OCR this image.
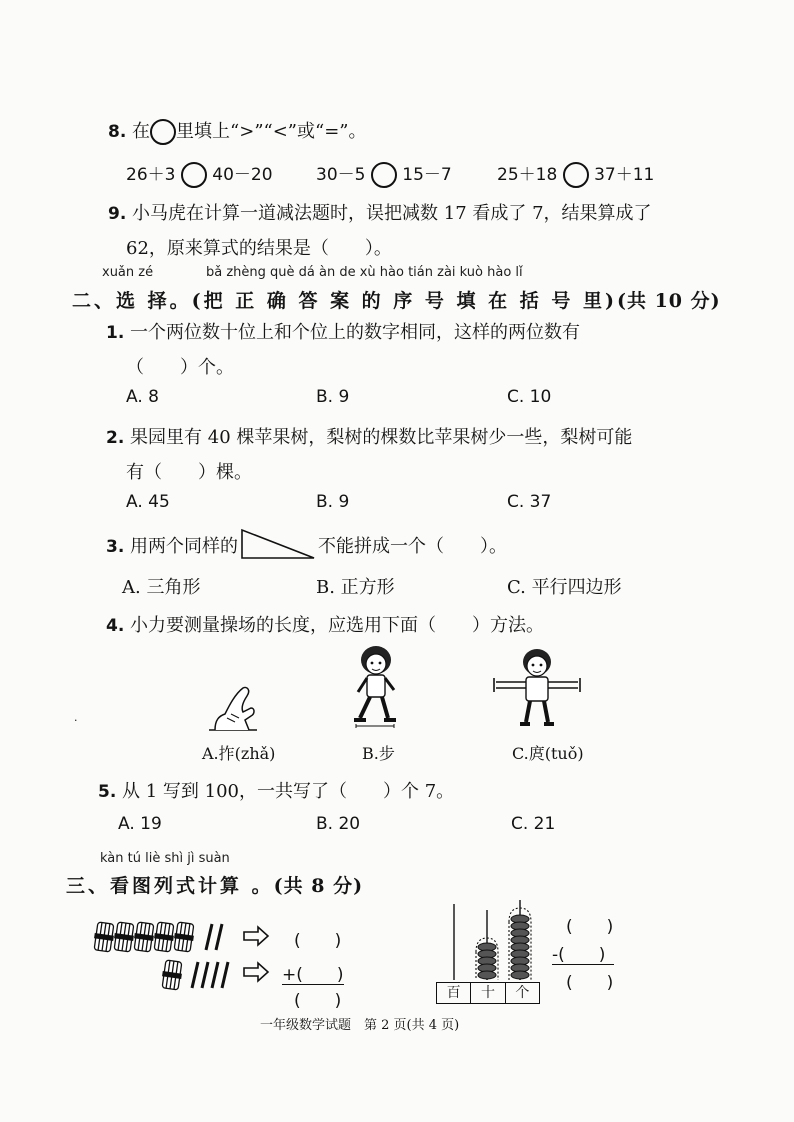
8. 在 里填上“>”“<”或“=”。
26＋3 40－20	30－5 15－7	25＋18 37＋11
9. 小马虎在计算一道减法题时，误把减数 17 看成了 7，结果算成了
62，原来算式的结果是（　　）。
xuǎn zé	bǎ zhèng què dá àn de xù hào tián zài kuò hào lǐ
二、选 择。(把 正 确 答 案 的 序 号 填 在 括 号 里)(共 10 分)
1. 一个两位数十位上和个位上的数字相同，这样的两位数有
（　　）个。
A. 8	B. 9	C. 10
2. 果园里有 40 棵苹果树，梨树的棵数比苹果树少一些，梨树可能
有（　　）棵。
A. 45	B. 9	C. 37
3. 用两个同样的	不能拼成一个（　　）。
A. 三角形	B. 正方形	C. 平行四边形
4. 小力要测量操场的长度，应选用下面（　　）方法。
·
A.拃(zhǎ)	B.步	C.庹(tuǒ)
5. 从 1 写到 100，一共写了（　　）个 7。
A. 19	B. 20	C. 21
kàn tú liè shì jì suàn
三、看图列式计算 。(共 8 分)
(　　)
+(　　)
(　　)	百	十	个
(　　)
-(　　)
(　　)
一年级数学试题　第 2 页(共 4 页)
